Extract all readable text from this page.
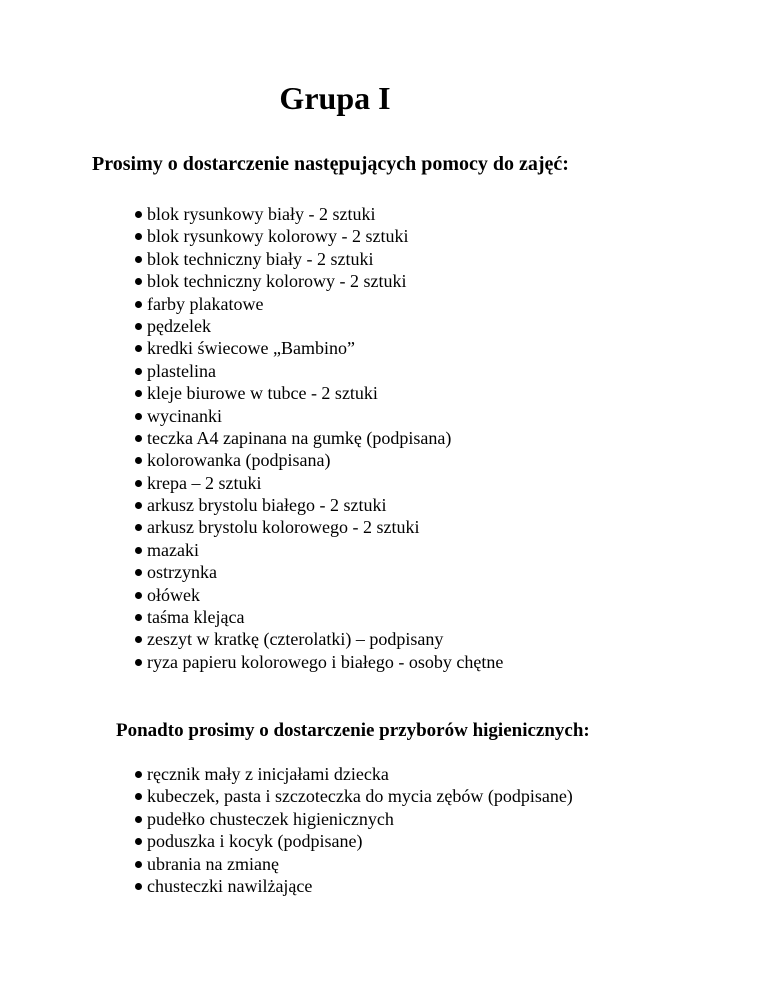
Grupa I
Prosimy o dostarczenie następujących pomocy do zajęć:
blok rysunkowy biały - 2 sztuki
blok rysunkowy kolorowy - 2 sztuki
blok techniczny biały - 2 sztuki
blok techniczny kolorowy - 2 sztuki
farby plakatowe
pędzelek
kredki świecowe „Bambino”
plastelina
kleje biurowe w tubce - 2 sztuki
wycinanki
teczka A4 zapinana na gumkę (podpisana)
kolorowanka (podpisana)
krepa – 2 sztuki
arkusz brystolu białego - 2 sztuki
arkusz brystolu kolorowego - 2 sztuki
mazaki
ostrzynka
ołówek
taśma klejąca
zeszyt w kratkę (czterolatki) – podpisany
ryza papieru kolorowego i białego - osoby chętne
Ponadto prosimy o dostarczenie przyborów higienicznych:
ręcznik mały z inicjałami dziecka
kubeczek, pasta i szczoteczka do mycia zębów (podpisane)
pudełko chusteczek higienicznych
poduszka i kocyk (podpisane)
ubrania na zmianę
chusteczki nawilżające
